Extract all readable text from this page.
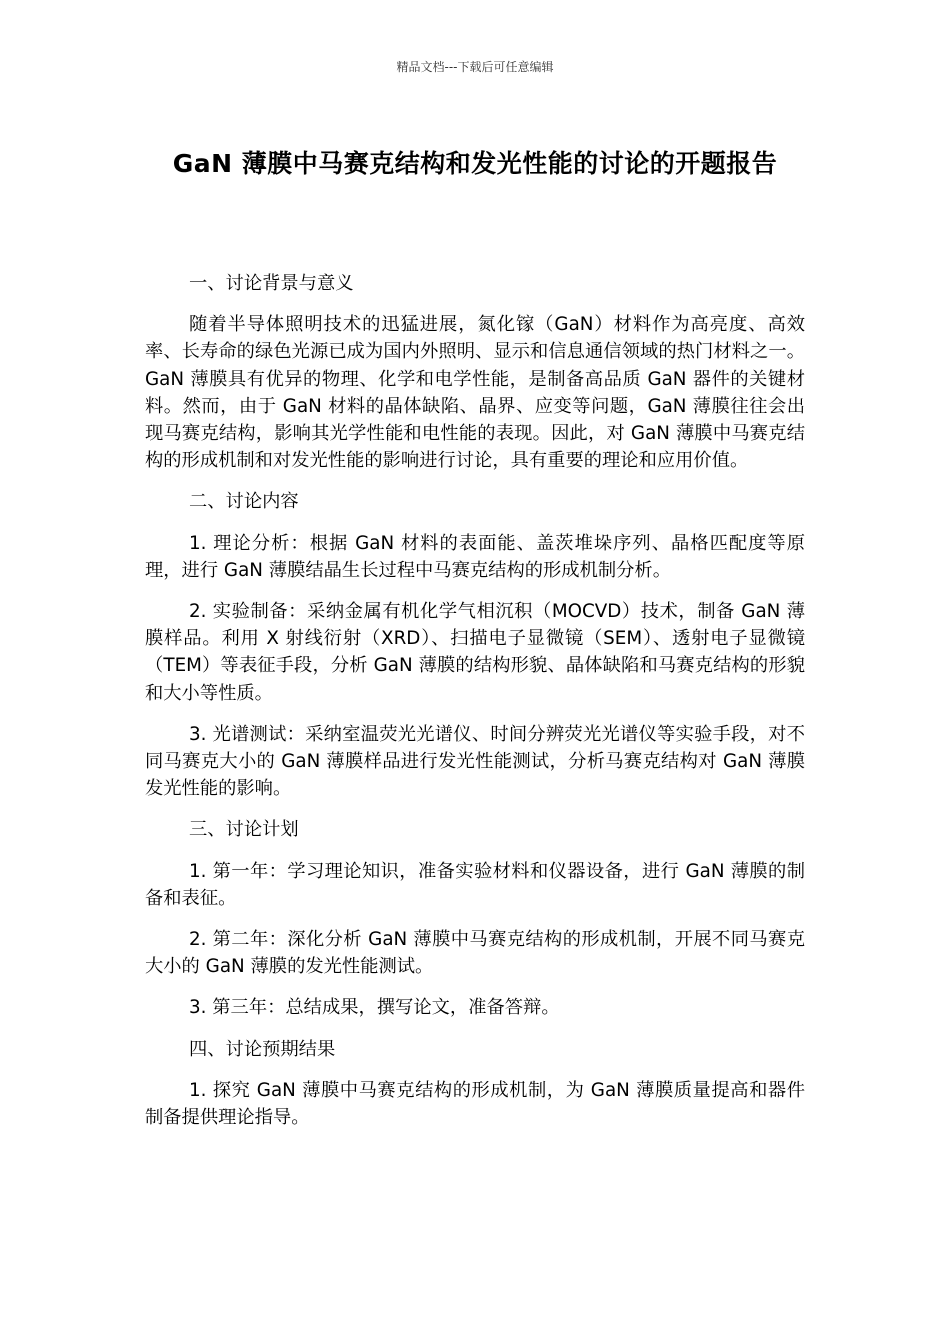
精品文档---下载后可任意编辑
GaN 薄膜中马赛克结构和发光性能的讨论的开题报告

一、讨论背景与意义

随着半导体照明技术的迅猛进展，氮化镓（GaN）材料作为高亮度、高效率、长寿命的绿色光源已成为国内外照明、显示和信息通信领域的热门材料之一。GaN 薄膜具有优异的物理、化学和电学性能，是制备高品质 GaN 器件的关键材料。然而，由于 GaN 材料的晶体缺陷、晶界、应变等问题，GaN 薄膜往往会出现马赛克结构，影响其光学性能和电性能的表现。因此，对 GaN 薄膜中马赛克结构的形成机制和对发光性能的影响进行讨论，具有重要的理论和应用价值。

二、讨论内容

1. 理论分析：根据 GaN 材料的表面能、盖茨堆垛序列、晶格匹配度等原理，进行 GaN 薄膜结晶生长过程中马赛克结构的形成机制分析。

2. 实验制备：采纳金属有机化学气相沉积（MOCVD）技术，制备 GaN 薄膜样品。利用 X 射线衍射（XRD）、扫描电子显微镜（SEM）、透射电子显微镜（TEM）等表征手段，分析 GaN 薄膜的结构形貌、晶体缺陷和马赛克结构的形貌和大小等性质。

3. 光谱测试：采纳室温荧光光谱仪、时间分辨荧光光谱仪等实验手段，对不同马赛克大小的 GaN 薄膜样品进行发光性能测试，分析马赛克结构对 GaN 薄膜发光性能的影响。

三、讨论计划

1. 第一年：学习理论知识，准备实验材料和仪器设备，进行 GaN 薄膜的制备和表征。

2. 第二年：深化分析 GaN 薄膜中马赛克结构的形成机制，开展不同马赛克大小的 GaN 薄膜的发光性能测试。

3. 第三年：总结成果，撰写论文，准备答辩。

四、讨论预期结果

1. 探究 GaN 薄膜中马赛克结构的形成机制，为 GaN 薄膜质量提高和器件制备提供理论指导。
